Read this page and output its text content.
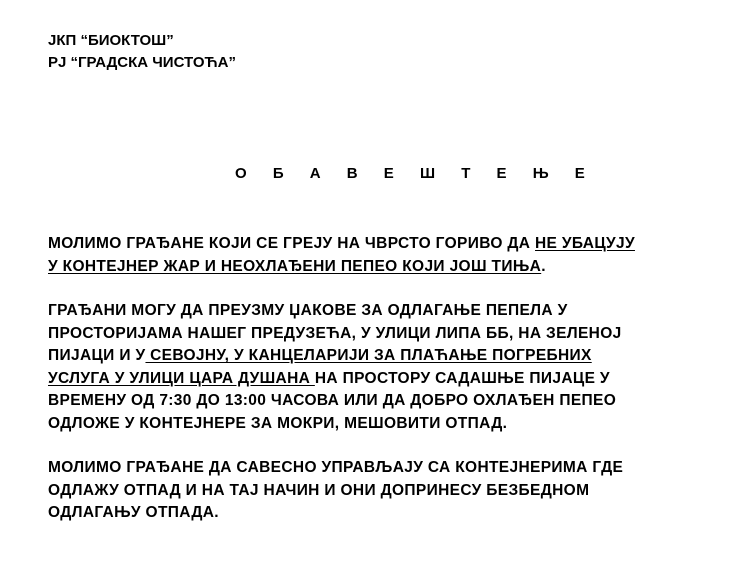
ЈКП “БИОКТОШ”
РЈ “ГРАДСКА ЧИСТОЋА”
О Б А В Е Ш Т Е Њ Е
МОЛИМО ГРАЂАНЕ КОЈИ СЕ ГРЕЈУ НА ЧВРСТО ГОРИВО ДА НЕ УБАЦУЈУ
У КОНТЕЈНЕР ЖАР И НЕОХЛАЂЕНИ ПЕПЕО КОЈИ ЈОШ ТИЊА.
ГРАЂАНИ МОГУ ДА ПРЕУЗМУ ЏАКОВЕ ЗА ОДЛАГАЊЕ ПЕПЕЛА У
ПРОСТОРИЈАМА НАШЕГ ПРЕДУЗЕЋА, У УЛИЦИ ЛИПА ББ, НА ЗЕЛЕНОЈ
ПИЈАЦИ И У СЕВОЈНУ, У КАНЦЕЛАРИЈИ ЗА ПЛАЋАЊЕ ПОГРЕБНИХ
УСЛУГА У УЛИЦИ ЦАРА ДУШАНА НА ПРОСТОРУ САДАШЊЕ ПИЈАЦЕ У
ВРЕМЕНУ ОД 7:30 ДО 13:00 ЧАСОВА ИЛИ ДА ДОБРО ОХЛАЂЕН ПЕПЕО
ОДЛОЖЕ У КОНТЕЈНЕРЕ ЗА МОКРИ, МЕШОВИТИ ОТПАД.
МОЛИМО ГРАЂАНЕ ДА САВЕСНО УПРАВЉАЈУ СА КОНТЕЈНЕРИМА ГДЕ
ОДЛАЖУ ОТПАД И НА ТАЈ НАЧИН И ОНИ ДОПРИНЕСУ БЕЗБЕДНОМ
ОДЛАГАЊУ ОТПАДА.
